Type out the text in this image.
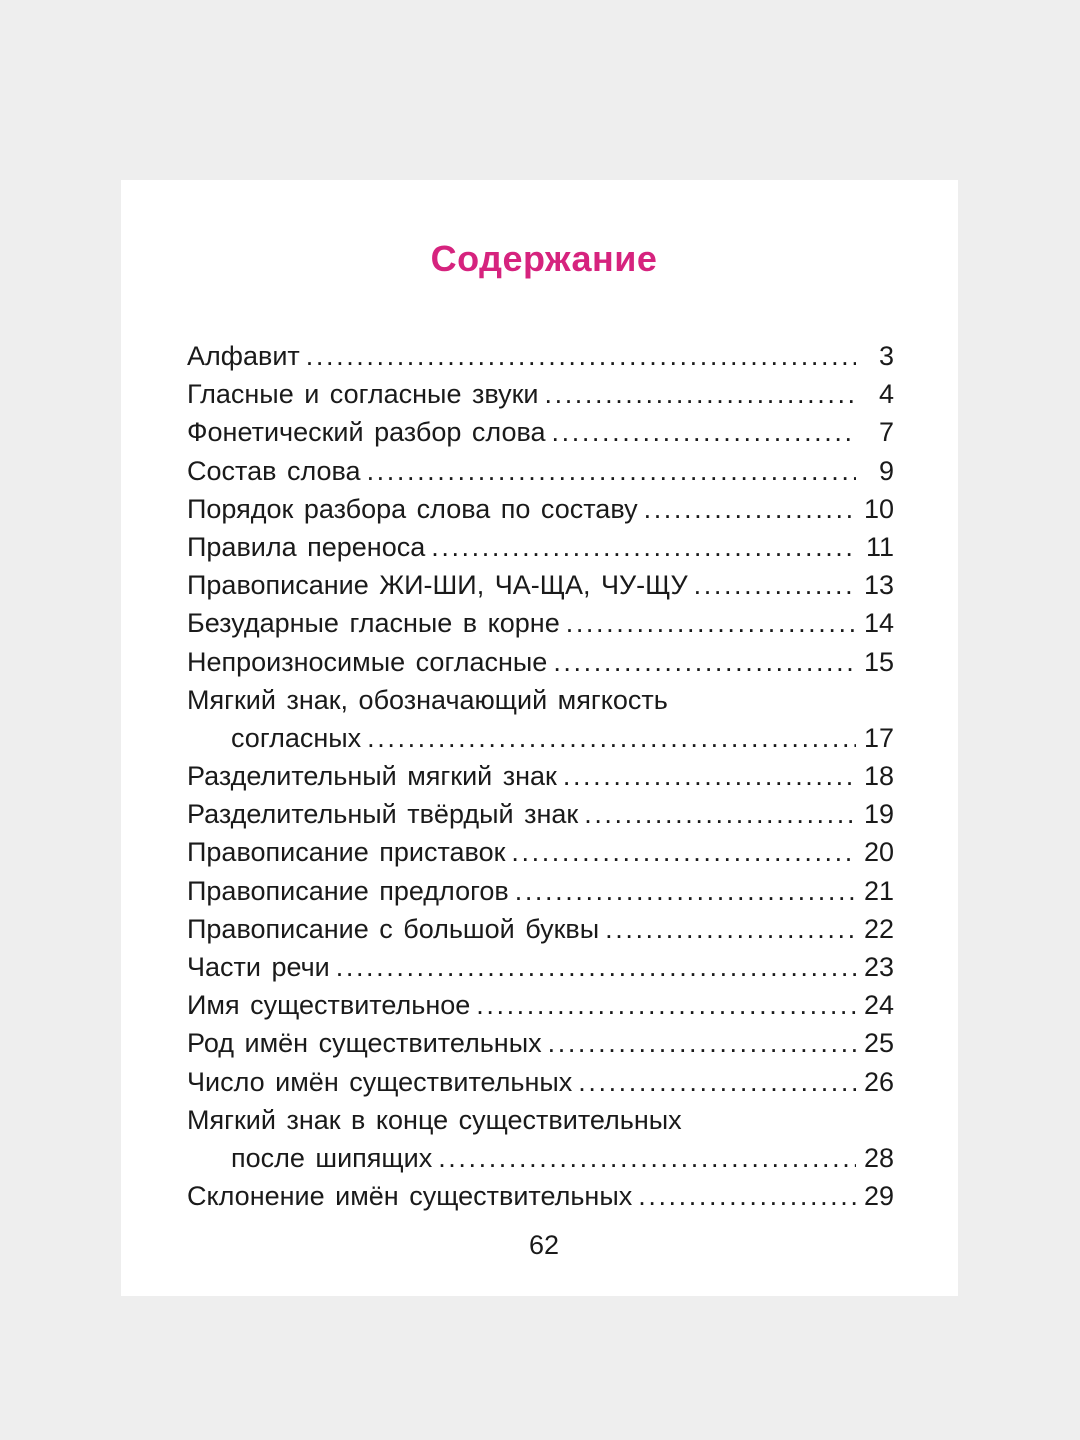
Содержание
Алфавит .....	3
Гласные и согласные звуки .....	4
Фонетический разбор слова .....	7
Состав слова .....	9
Порядок разбора слова по составу .....	10
Правила переноса .....	11
Правописание ЖИ-ШИ, ЧА-ЩА, ЧУ-ЩУ .....	13
Безударные гласные в корне .....	14
Непроизносимые согласные .....	15
Мягкий знак, обозначающий мягкость
согласных .....	17
Разделительный мягкий знак .....	18
Разделительный твёрдый знак .....	19
Правописание приставок .....	20
Правописание предлогов .....	21
Правописание с большой буквы .....	22
Части речи .....	23
Имя существительное .....	24
Род имён существительных .....	25
Число имён существительных .....	26
Мягкий знак в конце существительных
после шипящих .....	28
Склонение имён существительных .....	29
62
